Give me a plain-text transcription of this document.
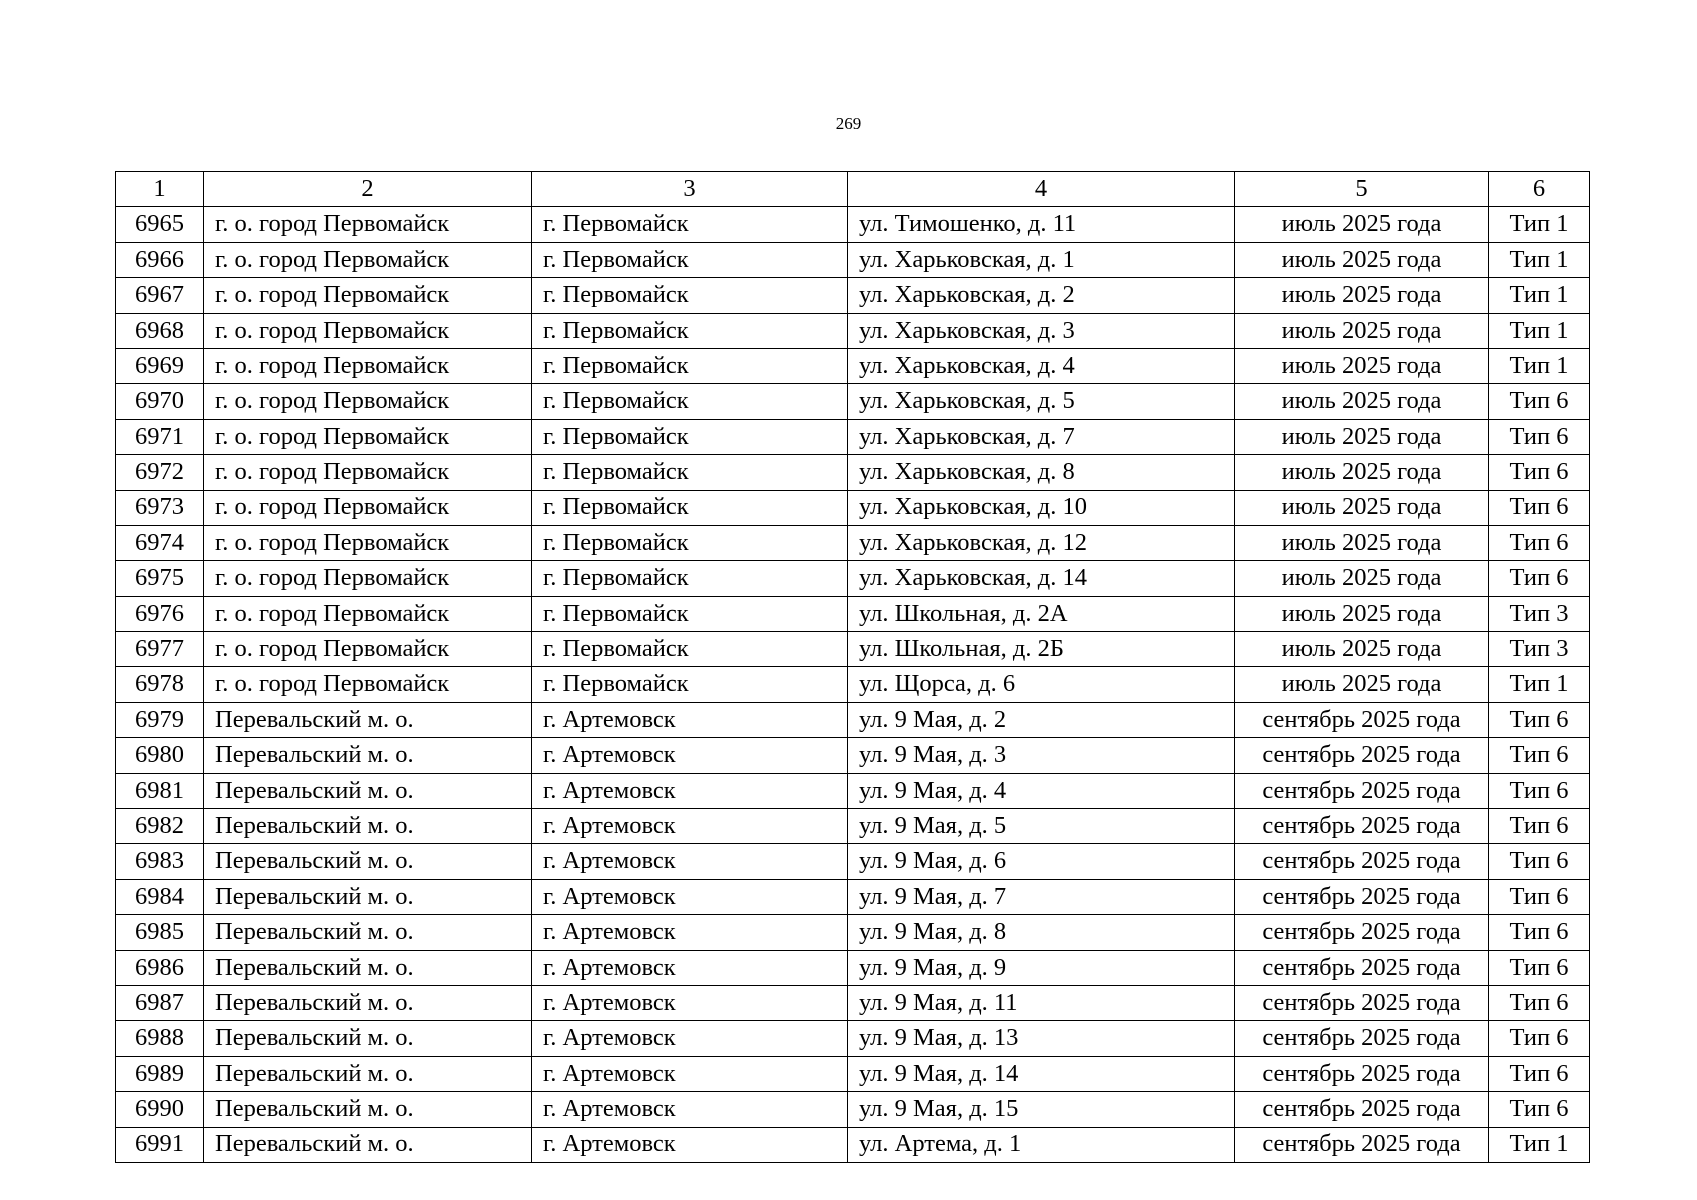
269
1	2	3	4	5	6
6965	г. о. город Первомайск	г. Первомайск	ул. Тимошенко, д. 11	июль 2025 года	Тип 1
6966	г. о. город Первомайск	г. Первомайск	ул. Харьковская, д. 1	июль 2025 года	Тип 1
6967	г. о. город Первомайск	г. Первомайск	ул. Харьковская, д. 2	июль 2025 года	Тип 1
6968	г. о. город Первомайск	г. Первомайск	ул. Харьковская, д. 3	июль 2025 года	Тип 1
6969	г. о. город Первомайск	г. Первомайск	ул. Харьковская, д. 4	июль 2025 года	Тип 1
6970	г. о. город Первомайск	г. Первомайск	ул. Харьковская, д. 5	июль 2025 года	Тип 6
6971	г. о. город Первомайск	г. Первомайск	ул. Харьковская, д. 7	июль 2025 года	Тип 6
6972	г. о. город Первомайск	г. Первомайск	ул. Харьковская, д. 8	июль 2025 года	Тип 6
6973	г. о. город Первомайск	г. Первомайск	ул. Харьковская, д. 10	июль 2025 года	Тип 6
6974	г. о. город Первомайск	г. Первомайск	ул. Харьковская, д. 12	июль 2025 года	Тип 6
6975	г. о. город Первомайск	г. Первомайск	ул. Харьковская, д. 14	июль 2025 года	Тип 6
6976	г. о. город Первомайск	г. Первомайск	ул. Школьная, д. 2А	июль 2025 года	Тип 3
6977	г. о. город Первомайск	г. Первомайск	ул. Школьная, д. 2Б	июль 2025 года	Тип 3
6978	г. о. город Первомайск	г. Первомайск	ул. Щорса, д. 6	июль 2025 года	Тип 1
6979	Перевальский м. о.	г. Артемовск	ул. 9 Мая, д. 2	сентябрь 2025 года	Тип 6
6980	Перевальский м. о.	г. Артемовск	ул. 9 Мая, д. 3	сентябрь 2025 года	Тип 6
6981	Перевальский м. о.	г. Артемовск	ул. 9 Мая, д. 4	сентябрь 2025 года	Тип 6
6982	Перевальский м. о.	г. Артемовск	ул. 9 Мая, д. 5	сентябрь 2025 года	Тип 6
6983	Перевальский м. о.	г. Артемовск	ул. 9 Мая, д. 6	сентябрь 2025 года	Тип 6
6984	Перевальский м. о.	г. Артемовск	ул. 9 Мая, д. 7	сентябрь 2025 года	Тип 6
6985	Перевальский м. о.	г. Артемовск	ул. 9 Мая, д. 8	сентябрь 2025 года	Тип 6
6986	Перевальский м. о.	г. Артемовск	ул. 9 Мая, д. 9	сентябрь 2025 года	Тип 6
6987	Перевальский м. о.	г. Артемовск	ул. 9 Мая, д. 11	сентябрь 2025 года	Тип 6
6988	Перевальский м. о.	г. Артемовск	ул. 9 Мая, д. 13	сентябрь 2025 года	Тип 6
6989	Перевальский м. о.	г. Артемовск	ул. 9 Мая, д. 14	сентябрь 2025 года	Тип 6
6990	Перевальский м. о.	г. Артемовск	ул. 9 Мая, д. 15	сентябрь 2025 года	Тип 6
6991	Перевальский м. о.	г. Артемовск	ул. Артема, д. 1	сентябрь 2025 года	Тип 1
